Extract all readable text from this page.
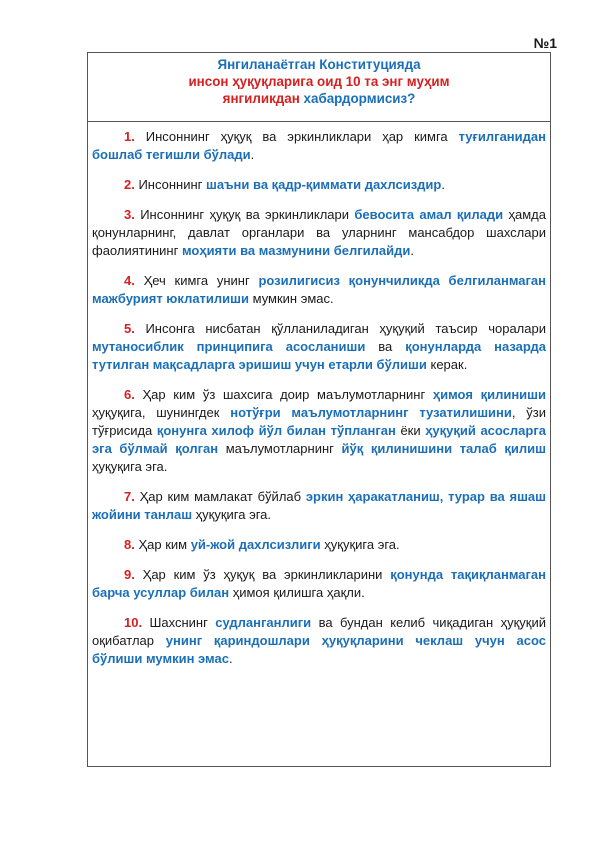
№1
Янгиланаётган Конституцияда
инсон ҳуқуқларига оид 10 та энг муҳим
янгиликдан хабардормисиз?

1. Инсоннинг ҳуқуқ ва эркинликлари ҳар кимга туғилганидан бошлаб тегишли бўлади.

2. Инсоннинг шаъни ва қадр-қиммати дахлсиздир.

3. Инсоннинг ҳуқуқ ва эркинликлари бевосита амал қилади ҳамда қонунларнинг, давлат органлари ва уларнинг мансабдор шахслари фаолиятининг моҳияти ва мазмунини белгилайди.

4. Ҳеч кимга унинг розилигисиз қонунчиликда белгиланмаган мажбурият юклатилиши мумкин эмас.

5. Инсонга нисбатан қўлланиладиган ҳуқуқий таъсир чоралари мутаносиблик принципига асосланиши ва қонунларда назарда тутилган мақсадларга эришиш учун етарли бўлиши керак.

6. Ҳар ким ўз шахсига доир маълумотларнинг ҳимоя қилиниши ҳуқуқига, шунингдек нотўғри маълумотларнинг тузатилишини, ўзи тўғрисида қонунга хилоф йўл билан тўпланган ёки ҳуқуқий асосларга эга бўлмай қолган маълумотларнинг йўқ қилинишини талаб қилиш ҳуқуқига эга.

7. Ҳар ким мамлакат бўйлаб эркин ҳаракатланиш, турар ва яшаш жойини танлаш ҳуқуқига эга.

8. Ҳар ким уй-жой дахлсизлиги ҳуқуқига эга.

9. Ҳар ким ўз ҳуқуқ ва эркинликларини қонунда тақиқланмаган барча усуллар билан ҳимоя қилишга ҳақли.

10. Шахснинг судланганлиги ва бундан келиб чиқадиган ҳуқуқий оқибатлар унинг қариндошлари ҳуқуқларини чеклаш учун асос бўлиши мумкин эмас.
